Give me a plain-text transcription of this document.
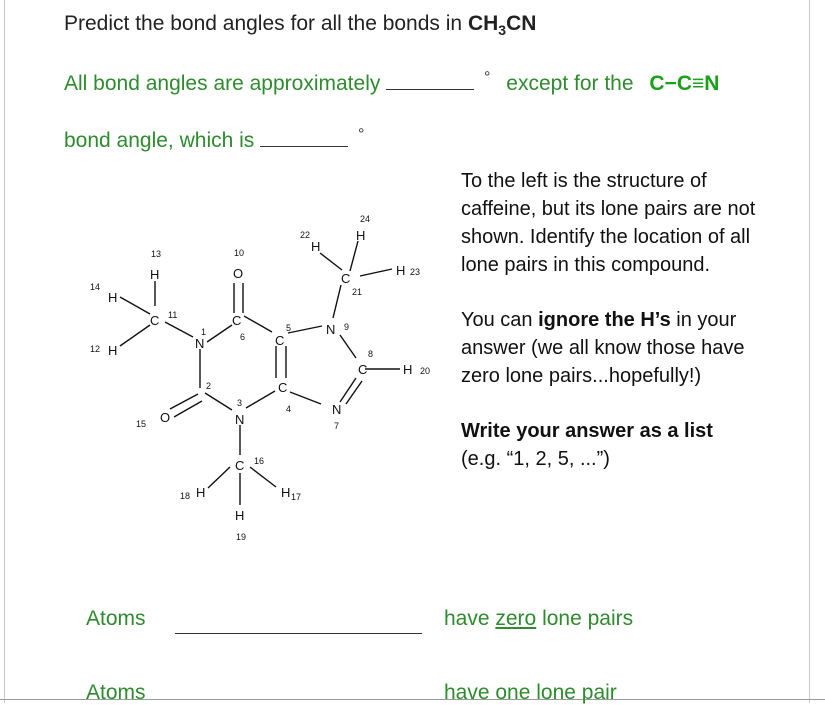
Predict the bond angles for all the bonds in $CH_3CN$
All bond angles are approximately	° except for the C−C≡N
bond angle, which is	°

To the left is the structure of caffeine, but its lone pairs are not shown. Identify the location of all lone pairs in this compound.

You can ignore the H’s in your answer (we all know those have zero lone pairs...hopefully!)

Write your answer as a list
(e.g. “1, 2, 5, ...”)

H
H
H
C
N
O
C
C
C
N
O
C
H	H
H
N
N
C	H
C
H
H
H
13
14
12
11
1
10
6
5
4
2
3
15
16
18	17
19
9
7
8
20
21
22
23
24
Atoms	have zero lone pairs
Atoms	have one lone pair
